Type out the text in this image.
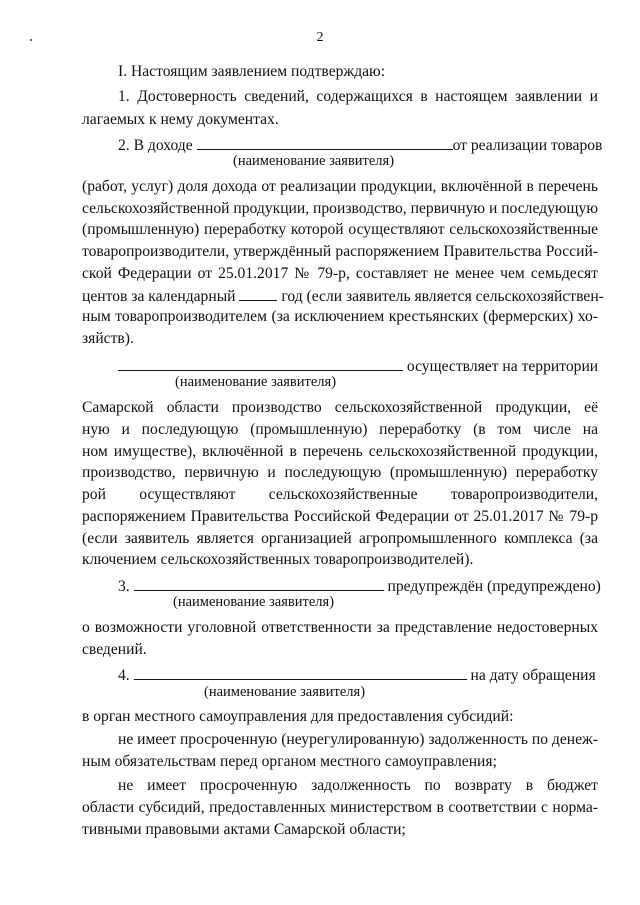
2
I. Настоящим заявлением подтверждаю:
1. Достоверность сведений, содержащихся в настоящем заявлении и
лагаемых к нему документах.
2. В доходе	от реализации товаров
(наименование заявителя)
(работ, услуг) доля дохода от реализации продукции, включённой в перечень
сельскохозяйственной продукции, производство, первичную и последующую
(промышленную) переработку которой осуществляют сельскохозяйственные
товаропроизводители, утверждённый распоряжением Правительства Россий-
ской Федерации от 25.01.2017 № 79-р, составляет не менее чем семьдесят
центов за календарный	год (если заявитель является сельскохозяйствен-
ным товаропроизводителем (за исключением крестьянских (фермерских) хо-
зяйств).
осуществляет на территории
(наименование заявителя)
Самарской области производство сельскохозяйственной продукции, её
ную и последующую (промышленную) переработку (в том числе на
ном имуществе), включённой в перечень сельскохозяйственной продукции,
производство, первичную и последующую (промышленную) переработку
рой осуществляют сельскохозяйственные товаропроизводители,
распоряжением Правительства Российской Федерации от 25.01.2017 № 79-р
(если заявитель является организацией агропромышленного комплекса (за
ключением сельскохозяйственных товаропроизводителей).
3.	предупреждён (предупреждено)
(наименование заявителя)
о возможности уголовной ответственности за представление недостоверных
сведений.
4.	на дату обращения
(наименование заявителя)
в орган местного самоуправления для предоставления субсидий:
не имеет просроченную (неурегулированную) задолженность по денеж-
ным обязательствам перед органом местного самоуправления;
не имеет просроченную задолженность по возврату в бюджет
области субсидий, предоставленных министерством в соответствии с норма-
тивными правовыми актами Самарской области;
